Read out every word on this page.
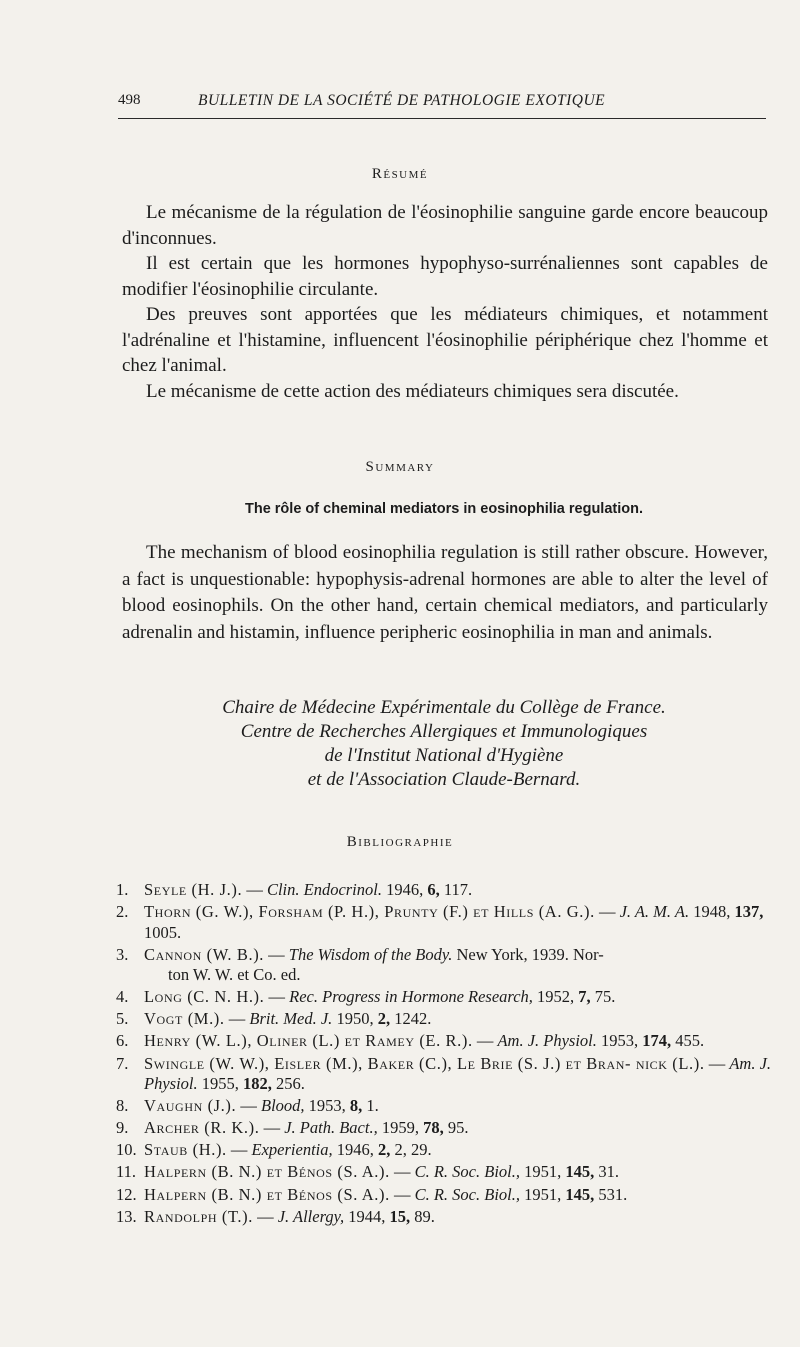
498	BULLETIN DE LA SOCIÉTÉ DE PATHOLOGIE EXOTIQUE
Résumé

Le mécanisme de la régulation de l'éosinophilie sanguine garde encore beaucoup d'inconnues.

Il est certain que les hormones hypophyso-surrénaliennes sont capables de modifier l'éosinophilie circulante.

Des preuves sont apportées que les médiateurs chimiques, et notamment l'adrénaline et l'histamine, influencent l'éosinophilie périphérique chez l'homme et chez l'animal.

Le mécanisme de cette action des médiateurs chimiques sera discutée.

Summary
The rôle of cheminal mediators in eosinophilia regulation.

The mechanism of blood eosinophilia regulation is still rather obscure. However, a fact is unquestionable: hypophysis-adrenal hormones are able to alter the level of blood eosinophils. On the other hand, certain chemical mediators, and particularly adrenalin and histamin, influence peripheric eosinophilia in man and animals.

Chaire de Médecine Expérimentale du Collège de France.
Centre de Recherches Allergiques et Immunologiques
de l'Institut National d'Hygiène
et de l'Association Claude-Bernard.
Bibliographie
1. Seyle (H. J.). — Clin. Endocrinol. 1946, 6, 117.
2. Thorn (G. W.), Forsham (P. H.), Prunty (F.) et Hills (A. G.). — J. A. M. A. 1948, 137, 1005.
3. Cannon (W. B.). — The Wisdom of the Body. New York, 1939. Nor-
ton W. W. et Co. ed.
4. Long (C. N. H.). — Rec. Progress in Hormone Research, 1952, 7, 75.
5. Vogt (M.). — Brit. Med. J. 1950, 2, 1242.
6. Henry (W. L.), Oliner (L.) et Ramey (E. R.). — Am. J. Physiol. 1953, 174, 455.
7. Swingle (W. W.), Eisler (M.), Baker (C.), Le Brie (S. J.) et Bran- nick (L.). — Am. J. Physiol. 1955, 182, 256.
8. Vaughn (J.). — Blood, 1953, 8, 1.
9. Archer (R. K.). — J. Path. Bact., 1959, 78, 95.
10. Staub (H.). — Experientia, 1946, 2, 2, 29.
11. Halpern (B. N.) et Bénos (S. A.). — C. R. Soc. Biol., 1951, 145, 31.
12. Halpern (B. N.) et Bénos (S. A.). — C. R. Soc. Biol., 1951, 145, 531.
13. Randolph (T.). — J. Allergy, 1944, 15, 89.
